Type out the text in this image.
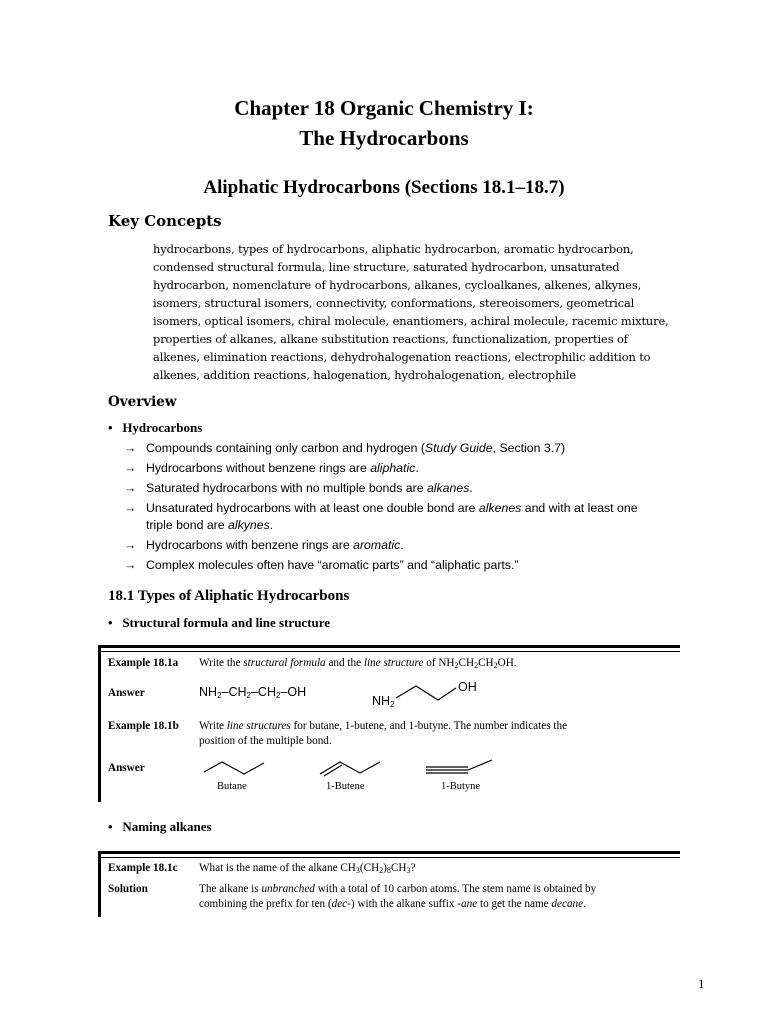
Chapter 18 Organic Chemistry I:
The Hydrocarbons
Aliphatic Hydrocarbons (Sections 18.1–18.7)
Key Concepts
hydrocarbons, types of hydrocarbons, aliphatic hydrocarbon, aromatic hydrocarbon,
condensed structural formula, line structure, saturated hydrocarbon, unsaturated
hydrocarbon, nomenclature of hydrocarbons, alkanes, cycloalkanes, alkenes, alkynes,
isomers, structural isomers, connectivity, conformations, stereoisomers, geometrical
isomers, optical isomers, chiral molecule, enantiomers, achiral molecule, racemic mixture,
properties of alkanes, alkane substitution reactions, functionalization, properties of
alkenes, elimination reactions, dehydrohalogenation reactions, electrophilic addition to
alkenes, addition reactions, halogenation, hydrohalogenation, electrophile
Overview
•   Hydrocarbons
→ Compounds containing only carbon and hydrogen (Study Guide, Section 3.7)
→ Hydrocarbons without benzene rings are aliphatic.
→ Saturated hydrocarbons with no multiple bonds are alkanes.
→ Unsaturated hydrocarbons with at least one double bond are alkenes and with at least one
triple bond are alkynes.
→ Hydrocarbons with benzene rings are aromatic.
→ Complex molecules often have “aromatic parts” and “aliphatic parts.”
18.1 Types of Aliphatic Hydrocarbons
•   Structural formula and line structure
Example 18.1a Write the structural formula and the line structure of $NH_2CH_2CH_2OH$.
Answer	$NH_2-CH_2-CH_2-OH$
$NH_2$
OH
Example 18.1b Write line structures for butane, 1-butene, and 1-butyne. The number indicates the
position of the multiple bond.
Answer
Butane	1-Butene	1-Butyne
•   Naming alkanes
Example 18.1c What is the name of the alkane $CH_3(CH_2)_8CH_3$?
Solution	The alkane is unbranched with a total of 10 carbon atoms. The stem name is obtained by
combining the prefix for ten (dec-) with the alkane suffix -ane to get the name decane.
1
